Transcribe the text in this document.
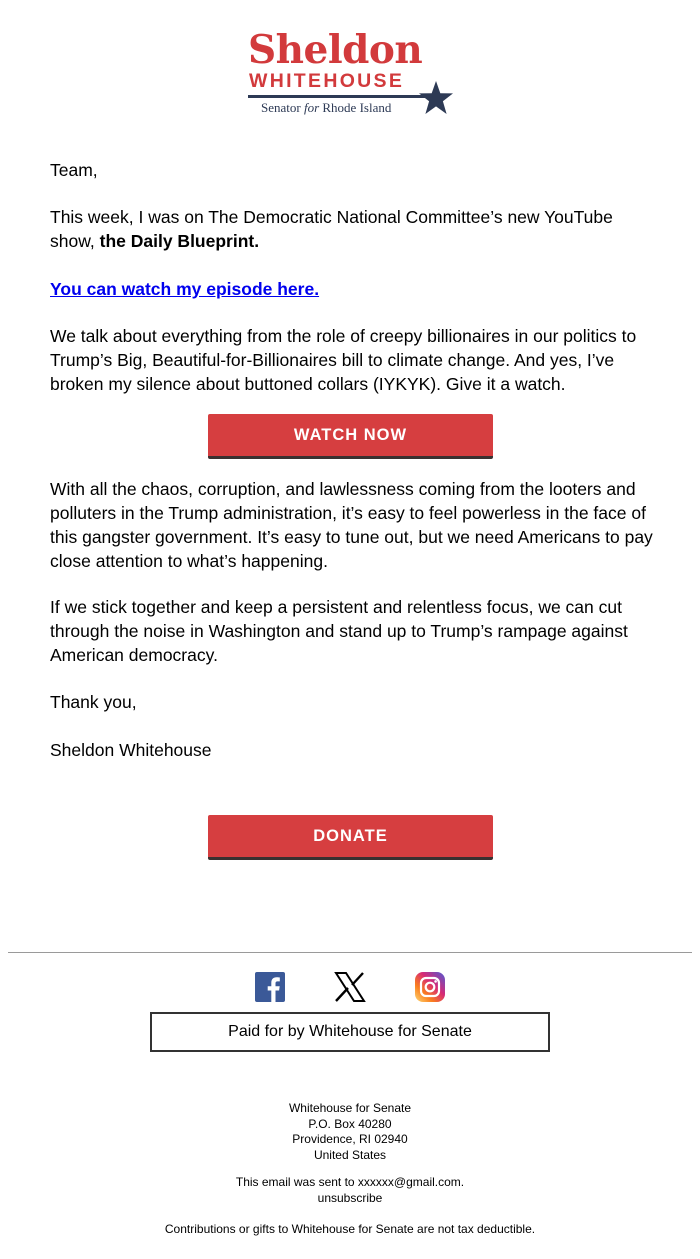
Sheldon
WHITEHOUSE
Senator for Rhode Island
Team,
This week, I was on The Democratic National Committee’s new YouTube show, the Daily Blueprint.
You can watch my episode here.
We talk about everything from the role of creepy billionaires in our politics to Trump’s Big, Beautiful-for-Billionaires bill to climate change. And yes, I’ve broken my silence about buttoned collars (IYKYK). Give it a watch.
With all the chaos, corruption, and lawlessness coming from the looters and polluters in the Trump administration, it’s easy to feel powerless in the face of this gangster government. It’s easy to tune out, but we need Americans to pay close attention to what’s happening.
If we stick together and keep a persistent and relentless focus, we can cut through the noise in Washington and stand up to Trump’s rampage against American democracy.
Thank you,
Sheldon Whitehouse
WATCH NOW
DONATE
Paid for by Whitehouse for Senate
Whitehouse for Senate
P.O. Box 40280
Providence, RI 02940
United States
This email was sent to xxxxxx@gmail.com.
unsubscribe
Contributions or gifts to Whitehouse for Senate are not tax deductible.
